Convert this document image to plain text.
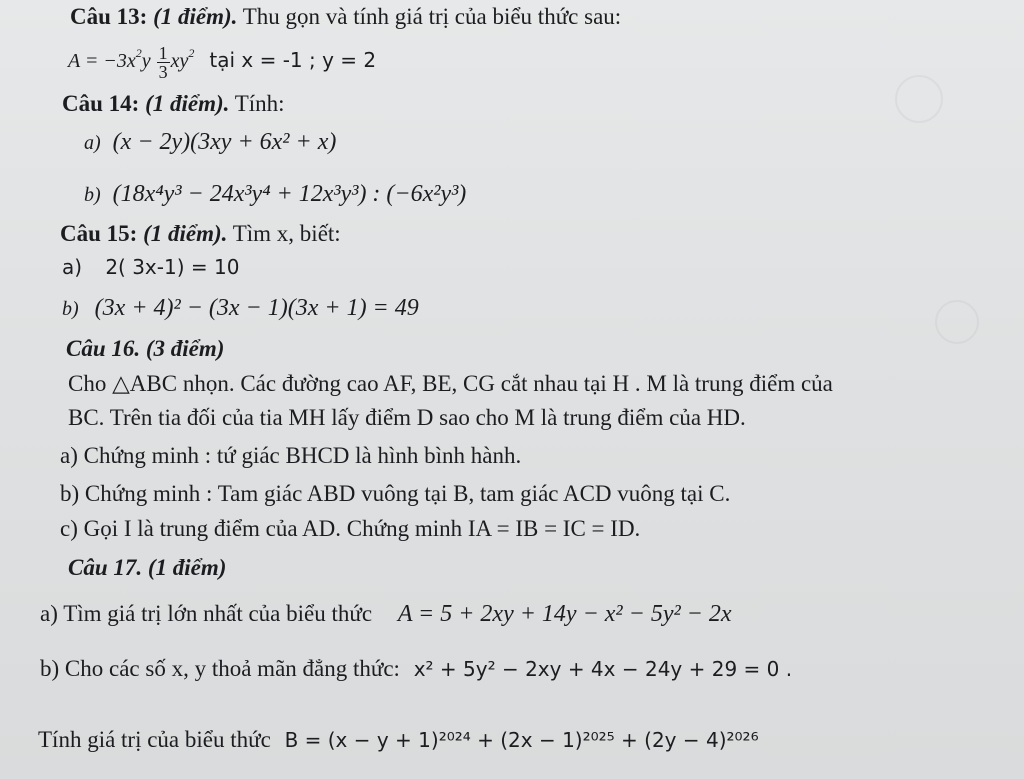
Câu 13: (1 điểm). Thu gọn và tính giá trị của biểu thức sau:
$A = -3x^2y \frac{1}{3} xy^2$ tại x = -1 ; y = 2
Câu 14: (1 điểm). Tính:
a) (x − 2y)(3xy + 6x² + x)
b) (18x⁴y³ − 24x³y⁴ + 12x³y³) : (−6x²y³)
Câu 15: (1 điểm). Tìm x, biết:
a) 2( 3x-1) = 10
b) (3x + 4)² − (3x − 1)(3x + 1) = 49
Câu 16. (3 điểm)
Cho △ABC nhọn. Các đường cao AF, BE, CG cắt nhau tại H . M là trung điểm của
BC. Trên tia đối của tia MH lấy điểm D sao cho M là trung điểm của HD.
a) Chứng minh : tứ giác BHCD là hình bình hành.
b) Chứng minh : Tam giác ABD vuông tại B, tam giác ACD vuông tại C.
c) Gọi I là trung điểm của AD. Chứng minh IA = IB = IC = ID.
Câu 17. (1 điểm)
a) Tìm giá trị lớn nhất của biểu thức A = 5 + 2xy + 14y − x² − 5y² − 2x
b) Cho các số x, y thoả mãn đẳng thức: x² + 5y² − 2xy + 4x − 24y + 29 = 0 .
Tính giá trị của biểu thức B = (x − y + 1)²⁰²⁴ + (2x − 1)²⁰²⁵ + (2y − 4)²⁰²⁶
